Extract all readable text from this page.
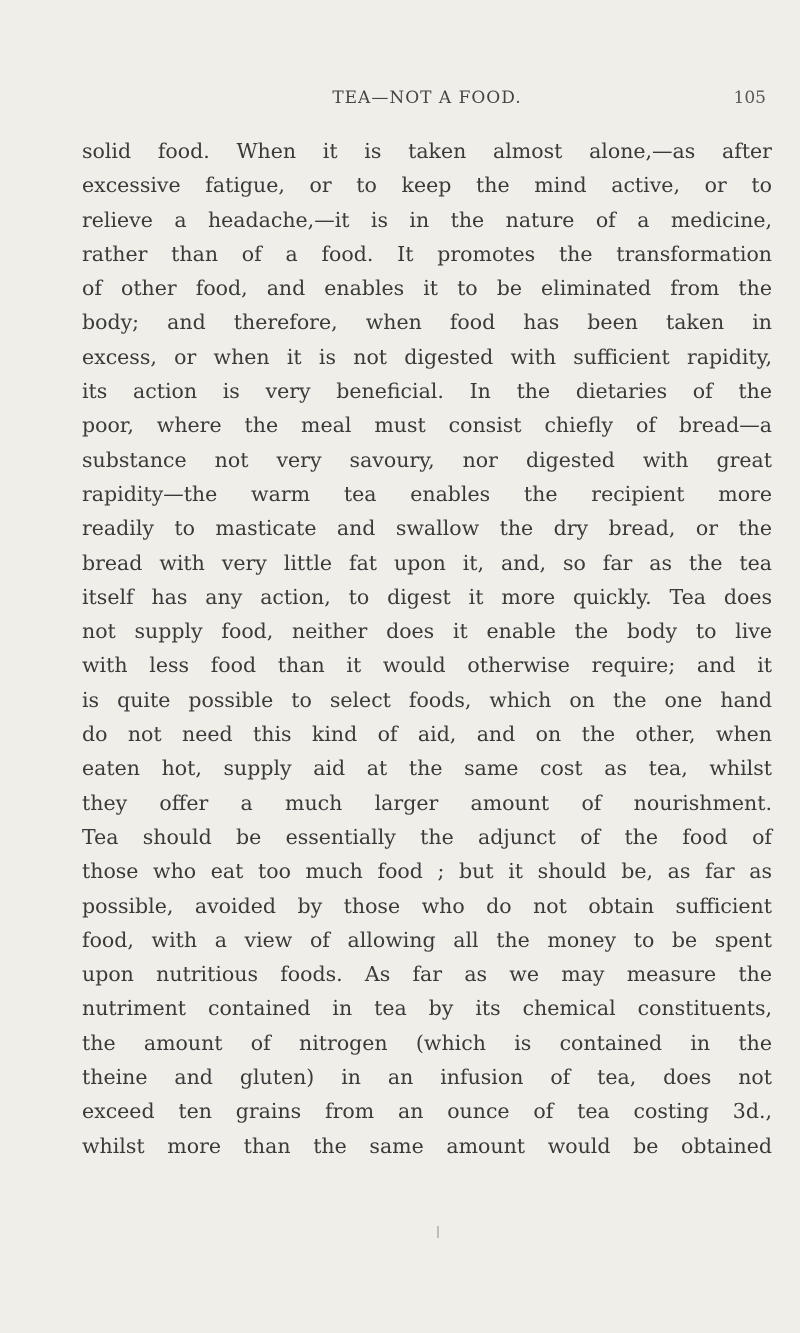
TEA—NOT A FOOD.	105
solid food. When it is taken almost alone,—as after
excessive fatigue, or to keep the mind active, or to
relieve a headache,—it is in the nature of a medicine,
rather than of a food. It promotes the transformation
of other food, and enables it to be eliminated from the
body; and therefore, when food has been taken in
excess, or when it is not digested with sufficient rapidity,
its action is very beneficial. In the dietaries of the
poor, where the meal must consist chiefly of bread—a
substance not very savoury, nor digested with great
rapidity—the warm tea enables the recipient more
readily to masticate and swallow the dry bread, or the
bread with very little fat upon it, and, so far as the tea
itself has any action, to digest it more quickly. Tea does
not supply food, neither does it enable the body to live
with less food than it would otherwise require; and it
is quite possible to select foods, which on the one hand
do not need this kind of aid, and on the other, when
eaten hot, supply aid at the same cost as tea, whilst
they offer a much larger amount of nourishment.
Tea should be essentially the adjunct of the food of
those who eat too much food ; but it should be, as far as
possible, avoided by those who do not obtain sufficient
food, with a view of allowing all the money to be spent
upon nutritious foods. As far as we may measure the
nutriment contained in tea by its chemical constituents,
the amount of nitrogen (which is contained in the
theine and gluten) in an infusion of tea, does not
exceed ten grains from an ounce of tea costing 3d.,
whilst more than the same amount would be obtained
